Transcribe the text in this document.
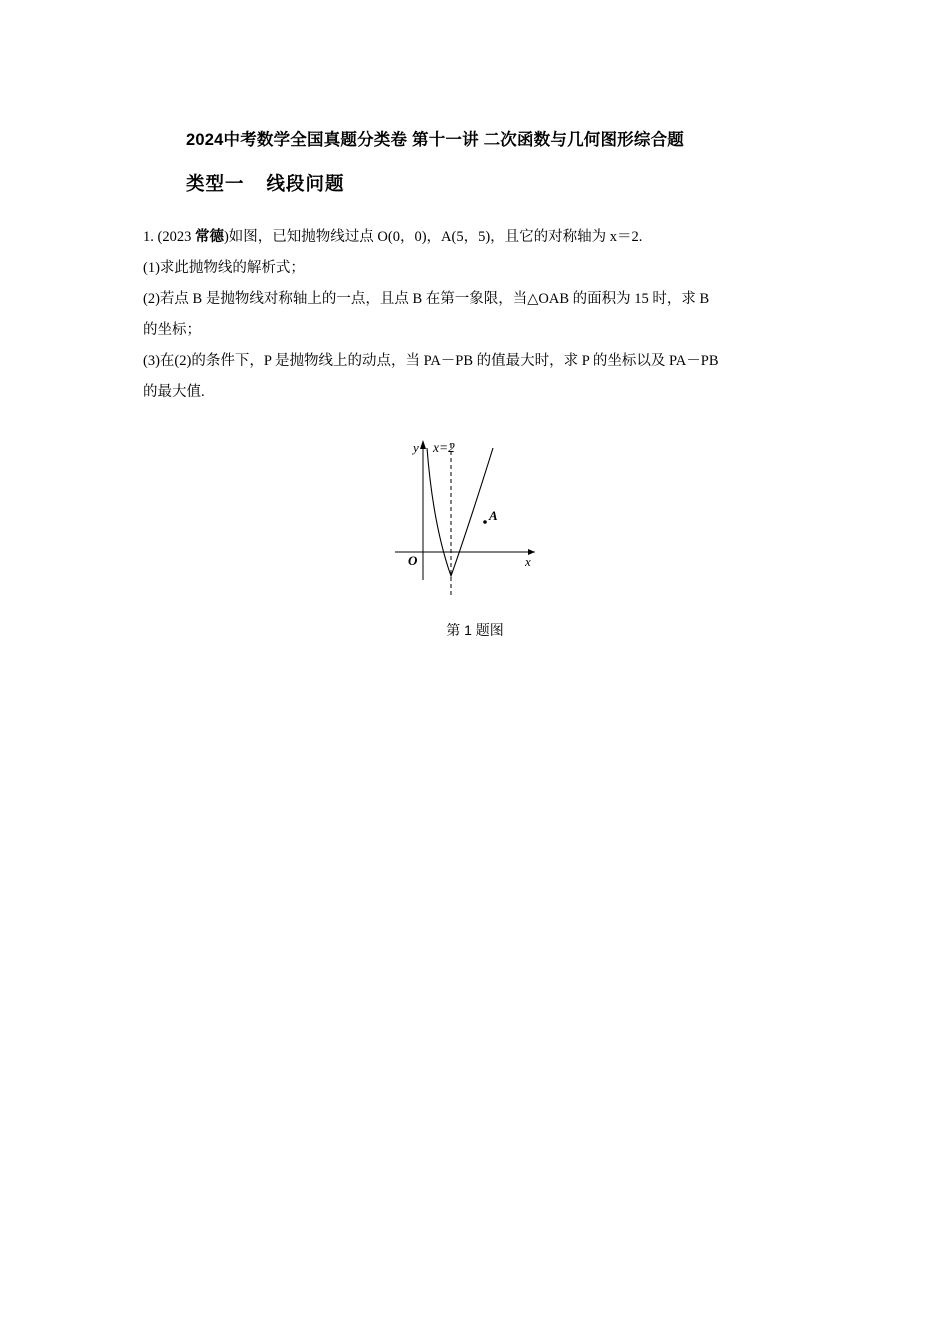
2024中考数学全国真题分类卷 第十一讲 二次函数与几何图形综合题
类型一 线段问题

1. (2023 常德)如图，已知抛物线过点 O(0，0)，A(5，5)，且它的对称轴为 x＝2.

(1)求此抛物线的解析式；

(2)若点 B 是抛物线对称轴上的一点，且点 B 在第一象限，当△OAB 的面积为 15 时，求 B

的坐标；

(3)在(2)的条件下，P 是抛物线上的动点，当 PA－PB 的值最大时，求 P 的坐标以及 PA－PB

的最大值.

A
O	x
y x=2
第 1 题图
